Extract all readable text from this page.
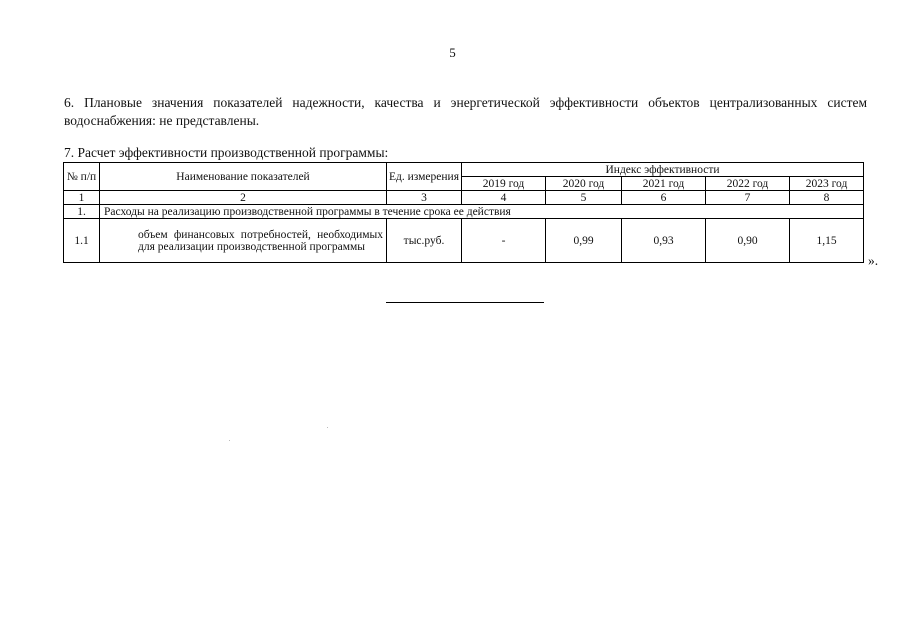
5
6. Плановые значения показателей надежности, качества и энергетической эффективности объектов централизованных систем водоснабжения: не представлены.
7. Расчет эффективности производственной программы:
№ п/п	Наименование показателей	Ед. измерения	Индекс эффективности				
			2019 год	2020 год	2021 год	2022 год	2023 год
1	2	3	4	5	6	7	8
1.	Расходы на реализацию производственной программы в течение срока ее действия						
1.1	объем финансовых потребностей, необходимых для реализации производственной программы	тыс.руб.	-	0,99	0,93	0,90	1,15
».
